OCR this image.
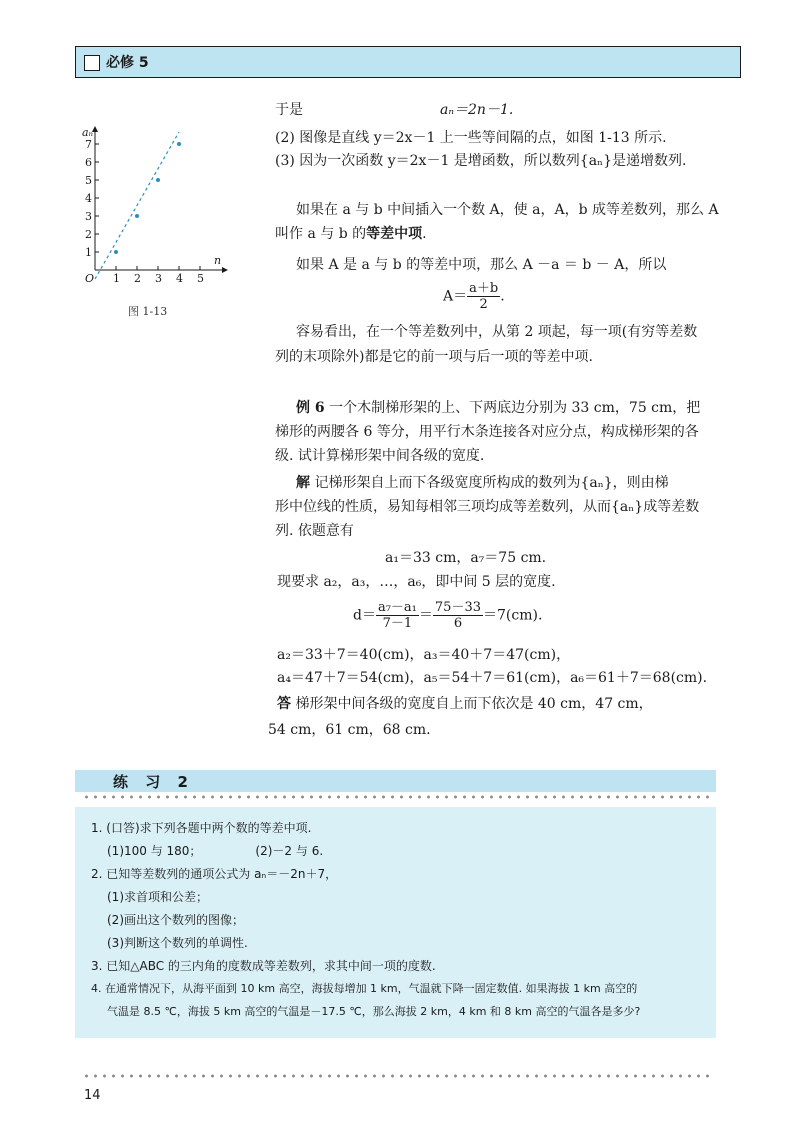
必修 5
aₙ
n
O
1
2
3
4
5
6
7
1 2 3 4 5
图 1-13
于是	aₙ＝2n－1.
(2) 图像是直线 y＝2x－1 上一些等间隔的点，如图 1-13 所示.
(3) 因为一次函数 y＝2x－1 是增函数，所以数列{aₙ}是递增数列.
如果在 a 与 b 中间插入一个数 A，使 a，A，b 成等差数列，那么 A
叫作 a 与 b 的等差中项.
如果 A 是 a 与 b 的等差中项，那么 A －a ＝ b － A，所以
$A= \frac{a+b}{2}$ .
容易看出，在一个等差数列中，从第 2 项起，每一项(有穷等差数
列的末项除外)都是它的前一项与后一项的等差中项.
例 6 一个木制梯形架的上、下两底边分别为 33 cm，75 cm，把
梯形的两腰各 6 等分，用平行木条连接各对应分点，构成梯形架的各
级. 试计算梯形架中间各级的宽度.
解 记梯形架自上而下各级宽度所构成的数列为{aₙ}，则由梯
形中位线的性质，易知每相邻三项均成等差数列，从而{aₙ}成等差数
列. 依题意有
a₁＝33 cm，a₇＝75 cm.
现要求 a₂，a₃，…，a₆，即中间 5 层的宽度.
$d= \frac{\text{a₇－a₁}}{7-1} = \frac{75-33}{6} =7(cm)$.
a₂＝33＋7＝40(cm)，a₃＝40＋7＝47(cm)，
a₄＝47＋7＝54(cm)，a₅＝54＋7＝61(cm)，a₆＝61＋7＝68(cm).
答 梯形架中间各级的宽度自上而下依次是 40 cm，47 cm，
54 cm，61 cm，68 cm.
练 习 2
1. (口答)求下列各题中两个数的等差中项.
(1)100 与 180；　　　　　(2)－2 与 6.
2. 已知等差数列的通项公式为 aₙ＝－2n＋7，
(1)求首项和公差；
(2)画出这个数列的图像；
(3)判断这个数列的单调性.
3. 已知△ABC 的三内角的度数成等差数列，求其中间一项的度数.
4. 在通常情况下，从海平面到 10 km 高空，海拔每增加 1 km，气温就下降一固定数值. 如果海拔 1 km 高空的
气温是 8.5 ℃，海拔 5 km 高空的气温是－17.5 ℃，那么海拔 2 km，4 km 和 8 km 高空的气温各是多少?
14
